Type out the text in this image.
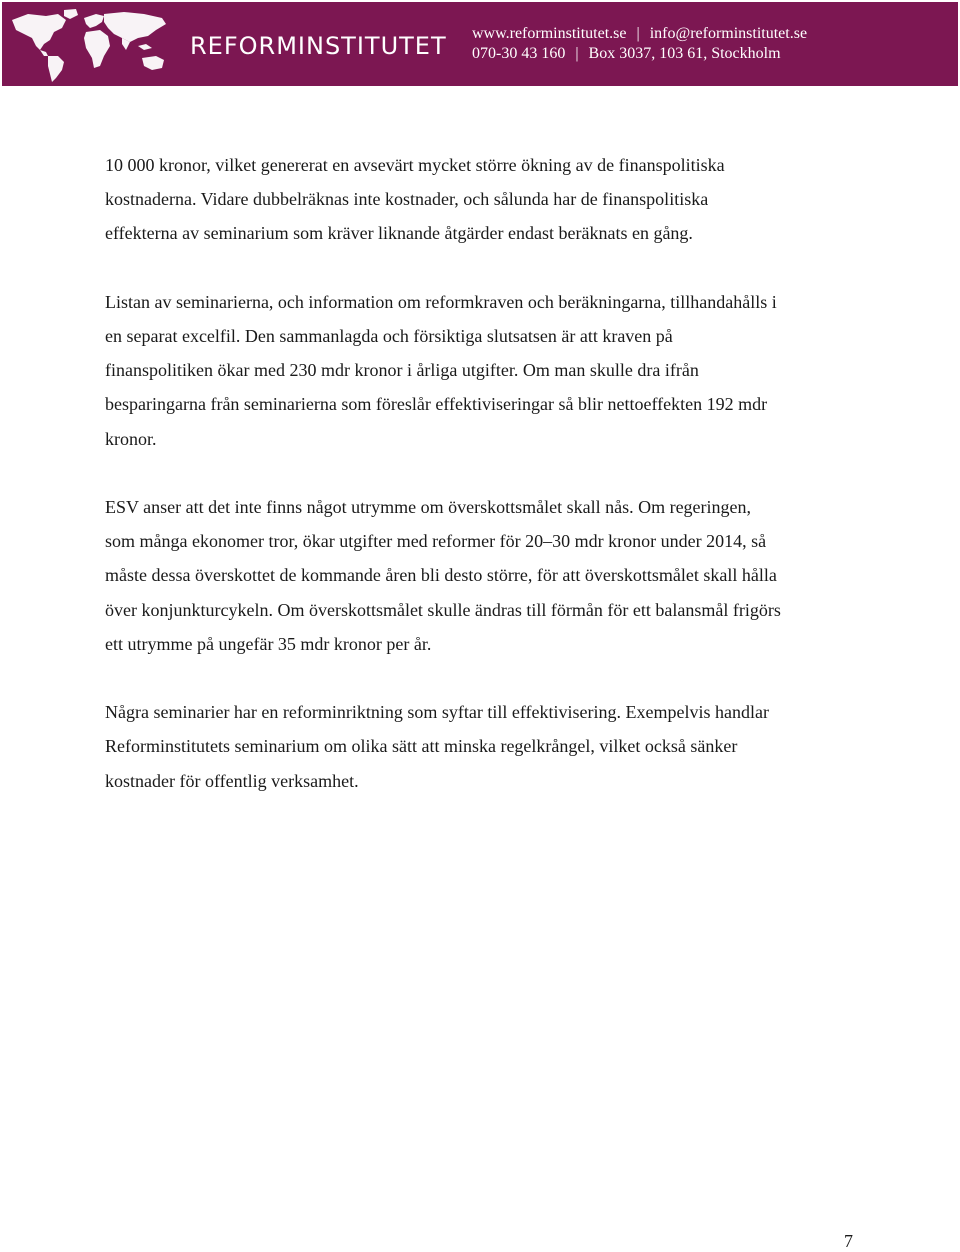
REFORMINSTITUTET www.reforminstitutet.se | info@reforminstitutet.se
070-30 43 160 | Box 3037, 103 61, Stockholm

10 000 kronor, vilket genererat en avsevärt mycket större ökning av de finanspolitiska
kostnaderna. Vidare dubbelräknas inte kostnader, och sålunda har de finanspolitiska
effekterna av seminarium som kräver liknande åtgärder endast beräknats en gång.

Listan av seminarierna, och information om reformkraven och beräkningarna, tillhandahålls i
en separat excelfil. Den sammanlagda och försiktiga slutsatsen är att kraven på
finanspolitiken ökar med 230 mdr kronor i årliga utgifter. Om man skulle dra ifrån
besparingarna från seminarierna som föreslår effektiviseringar så blir nettoeffekten 192 mdr
kronor.

ESV anser att det inte finns något utrymme om överskottsmålet skall nås. Om regeringen,
som många ekonomer tror, ökar utgifter med reformer för 20–30 mdr kronor under 2014, så
måste dessa överskottet de kommande åren bli desto större, för att överskottsmålet skall hålla
över konjunkturcykeln. Om överskottsmålet skulle ändras till förmån för ett balansmål frigörs
ett utrymme på ungefär 35 mdr kronor per år.

Några seminarier har en reforminriktning som syftar till effektivisering. Exempelvis handlar
Reforminstitutets seminarium om olika sätt att minska regelkrångel, vilket också sänker
kostnader för offentlig verksamhet.

7
